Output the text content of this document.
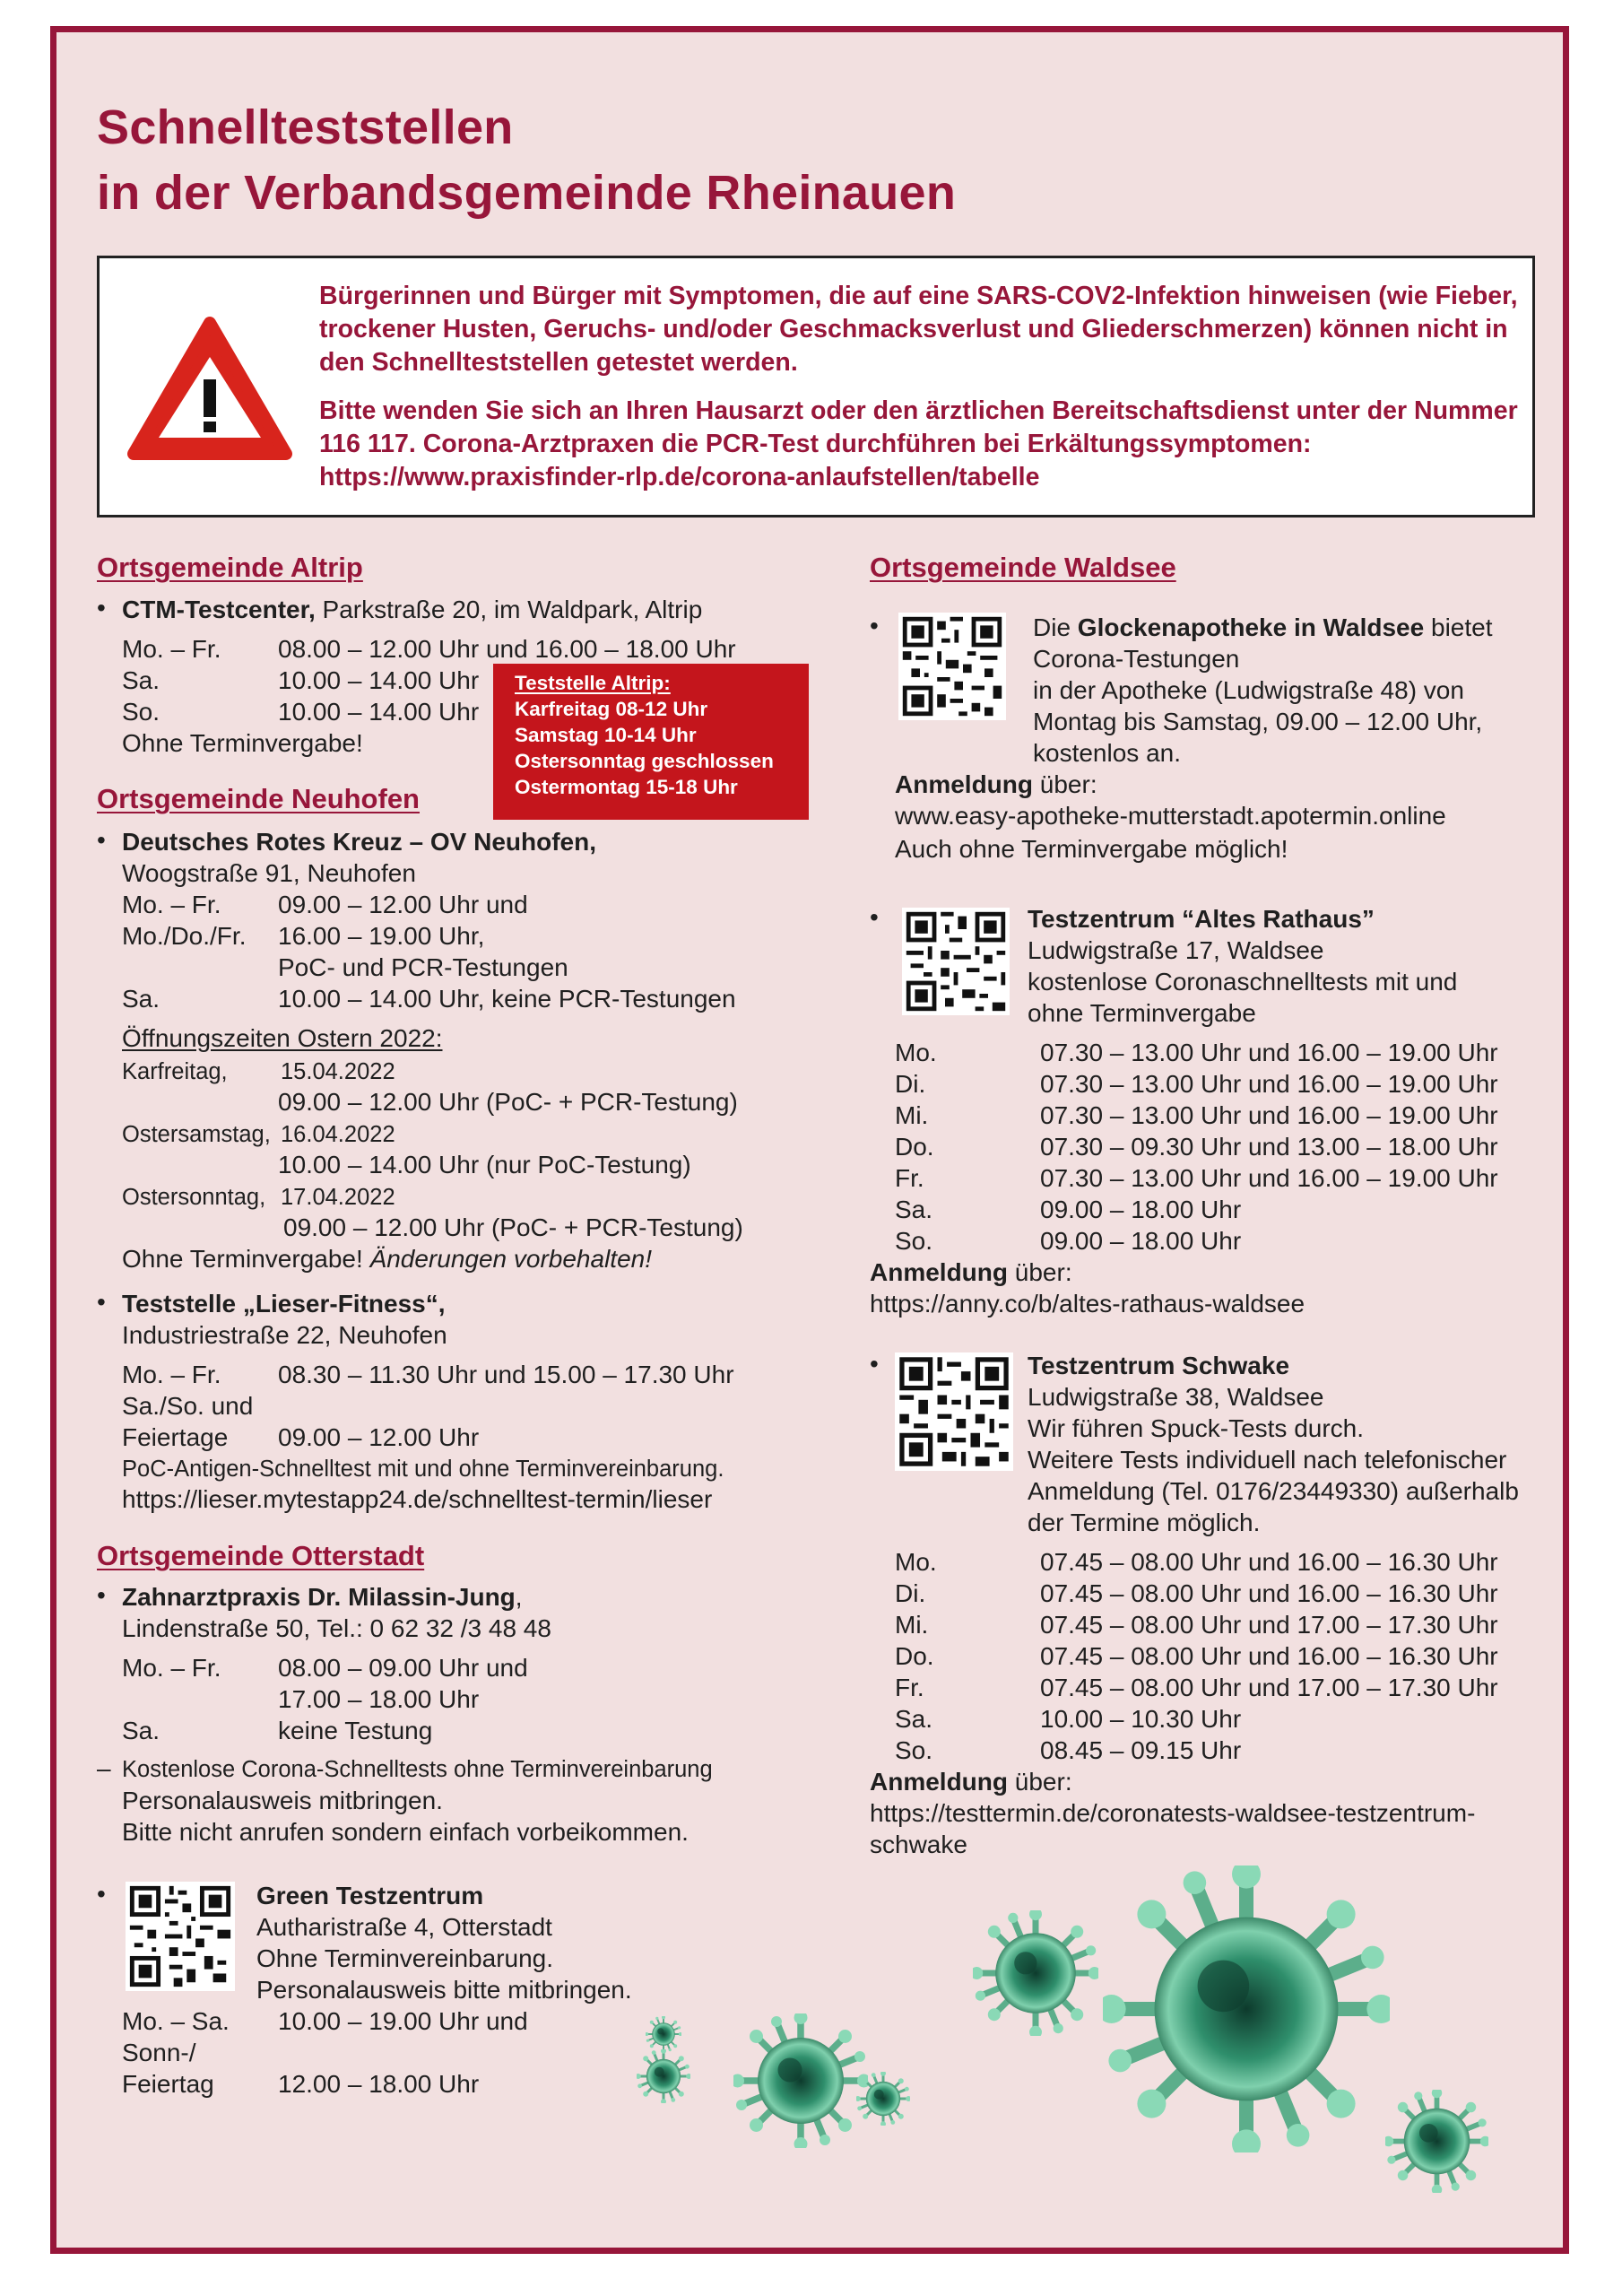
Schnellteststellen
in der Verbandsgemeinde Rheinauen

Bürgerinnen und Bürger mit Symptomen, die auf eine SARS-COV2-Infektion hinweisen (wie Fieber, trockener Husten, Geruchs- und/oder Geschmacksverlust und Gliederschmerzen) können nicht in den Schnellteststellen getestet werden.

Bitte wenden Sie sich an Ihren Hausarzt oder den ärztlichen Bereitschaftsdienst unter der Nummer 116 117. Corona-Arztpraxen die PCR-Test durchführen bei Erkältungssymptomen: https://www.praxisfinder-rlp.de/corona-anlaufstellen/tabelle

Ortsgemeinde Altrip
• CTM-Testcenter, Parkstraße 20, im Waldpark, Altrip
Mo. – Fr. 08.00 – 12.00 Uhr und 16.00 – 18.00 Uhr
Sa.	10.00 – 14.00 Uhr
So.	10.00 – 14.00 Uhr
Ohne Terminvergabe!
Ortsgemeinde Neuhofen
• Deutsches Rotes Kreuz – OV Neuhofen,
Woogstraße 91, Neuhofen
Mo. – Fr. 09.00 – 12.00 Uhr und
Mo./Do./Fr. 16.00 – 19.00 Uhr,
PoC- und PCR-Testungen
Sa.	10.00 – 14.00 Uhr, keine PCR-Testungen
Öffnungszeiten Ostern 2022:
Karfreitag, 15.04.2022
09.00 – 12.00 Uhr (PoC- + PCR-Testung)
Ostersamstag, 16.04.2022
10.00 – 14.00 Uhr (nur PoC-Testung)
Ostersonntag, 17.04.2022
09.00 – 12.00 Uhr (PoC- + PCR-Testung)
Ohne Terminvergabe! Änderungen vorbehalten!
• Teststelle „Lieser-Fitness“,
Industriestraße 22, Neuhofen
Mo. – Fr. 08.30 – 11.30 Uhr und 15.00 – 17.30 Uhr
Sa./So. und
Feiertage 09.00 – 12.00 Uhr
PoC-Antigen-Schnelltest mit und ohne Terminvereinbarung.
https://lieser.mytestapp24.de/schnelltest-termin/lieser
Ortsgemeinde Otterstadt
• Zahnarztpraxis Dr. Milassin-Jung,
Lindenstraße 50, Tel.: 0 62 32 /3 48 48
Mo. – Fr. 08.00 – 09.00 Uhr und
17.00 – 18.00 Uhr
Sa.	keine Testung
– Kostenlose Corona-Schnelltests ohne Terminvereinbarung
Personalausweis mitbringen.
Bitte nicht anrufen sondern einfach vorbeikommen.
•	Green Testzentrum
Autharistraße 4, Otterstadt
Ohne Terminvereinbarung.
Personalausweis bitte mitbringen.
Mo. – Sa. 10.00 – 19.00 Uhr und
Sonn-/
Feiertag	12.00 – 18.00 Uhr
Teststelle Altrip:
Karfreitag 08-12 Uhr
Samstag 10-14 Uhr
Ostersonntag geschlossen
Ostermontag 15-18 Uhr
Ortsgemeinde Waldsee
•	Die Glockenapotheke in Waldsee bietet
Corona-Testungen
in der Apotheke (Ludwigstraße 48) von
Montag bis Samstag, 09.00 – 12.00 Uhr,
kostenlos an.
Anmeldung über:
www.easy-apotheke-mutterstadt.apotermin.online
Auch ohne Terminvergabe möglich!
•	Testzentrum “Altes Rathaus”
Ludwigstraße 17, Waldsee
kostenlose Coronaschnelltests mit und
ohne Terminvergabe
Mo.	07.30 – 13.00 Uhr und 16.00 – 19.00 Uhr
Di.	07.30 – 13.00 Uhr und 16.00 – 19.00 Uhr
Mi.	07.30 – 13.00 Uhr und 16.00 – 19.00 Uhr
Do.	07.30 – 09.30 Uhr und 13.00 – 18.00 Uhr
Fr.	07.30 – 13.00 Uhr und 16.00 – 19.00 Uhr
Sa.	09.00 – 18.00 Uhr
So.	09.00 – 18.00 Uhr
Anmeldung über:
https://anny.co/b/altes-rathaus-waldsee
•	Testzentrum Schwake
Ludwigstraße 38, Waldsee
Wir führen Spuck-Tests durch.
Weitere Tests individuell nach telefonischer
Anmeldung (Tel. 0176/23449330) außerhalb
der Termine möglich.
Mo.	07.45 – 08.00 Uhr und 16.00 – 16.30 Uhr
Di.	07.45 – 08.00 Uhr und 16.00 – 16.30 Uhr
Mi.	07.45 – 08.00 Uhr und 17.00 – 17.30 Uhr
Do.	07.45 – 08.00 Uhr und 16.00 – 16.30 Uhr
Fr.	07.45 – 08.00 Uhr und 17.00 – 17.30 Uhr
Sa.	10.00 – 10.30 Uhr
So.	08.45 – 09.15 Uhr
Anmeldung über:
https://testtermin.de/coronatests-waldsee-testzentrum-
schwake
